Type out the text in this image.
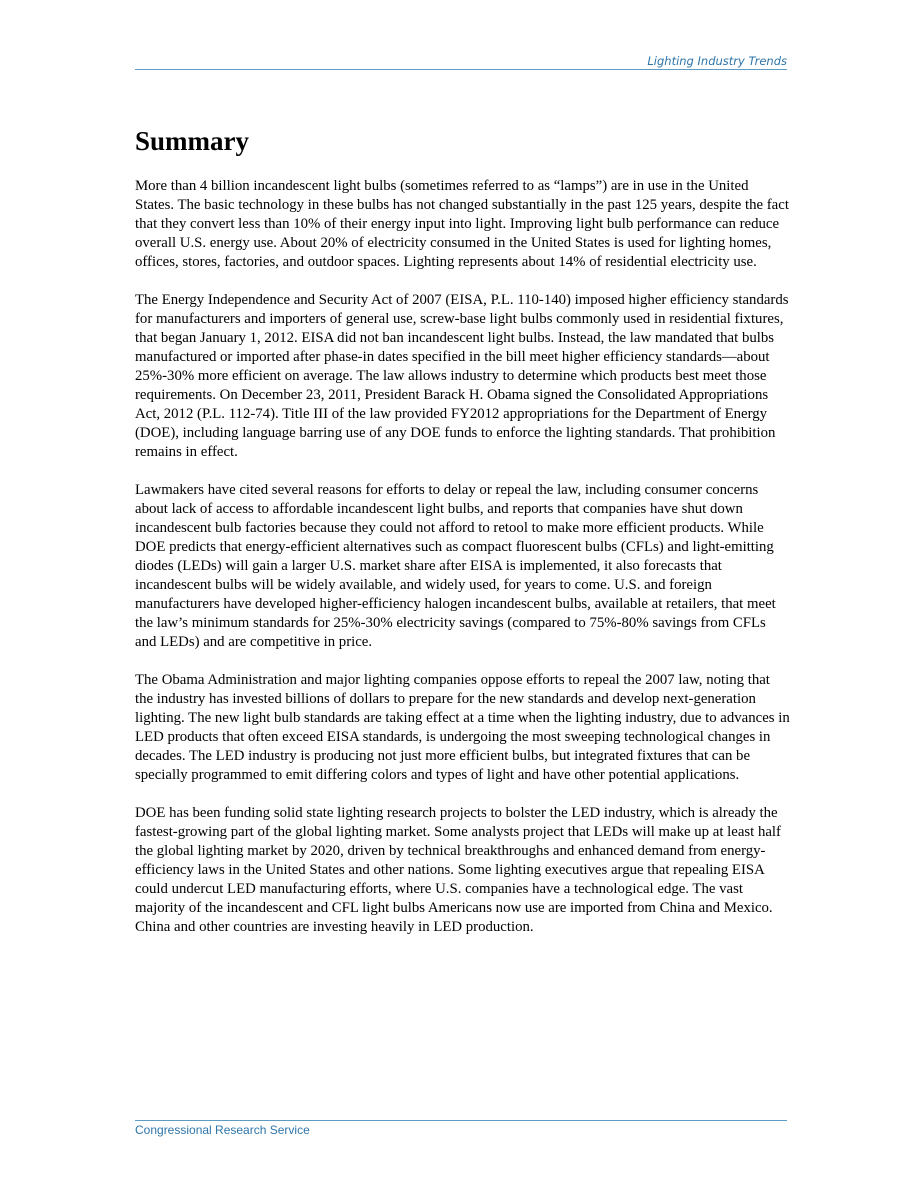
Lighting Industry Trends
Summary

More than 4 billion incandescent light bulbs (sometimes referred to as “lamps”) are in use in the United States. The basic technology in these bulbs has not changed substantially in the past 125 years, despite the fact that they convert less than 10% of their energy input into light. Improving light bulb performance can reduce overall U.S. energy use. About 20% of electricity consumed in the United States is used for lighting homes, offices, stores, factories, and outdoor spaces. Lighting represents about 14% of residential electricity use.

The Energy Independence and Security Act of 2007 (EISA, P.L. 110-140) imposed higher efficiency standards for manufacturers and importers of general use, screw-base light bulbs commonly used in residential fixtures, that began January 1, 2012. EISA did not ban incandescent light bulbs. Instead, the law mandated that bulbs manufactured or imported after phase-in dates specified in the bill meet higher efficiency standards—about 25%-30% more efficient on average. The law allows industry to determine which products best meet those requirements. On December 23, 2011, President Barack H. Obama signed the Consolidated Appropriations Act, 2012 (P.L. 112-74). Title III of the law provided FY2012 appropriations for the Department of Energy (DOE), including language barring use of any DOE funds to enforce the lighting standards. That prohibition remains in effect.

Lawmakers have cited several reasons for efforts to delay or repeal the law, including consumer concerns about lack of access to affordable incandescent light bulbs, and reports that companies have shut down incandescent bulb factories because they could not afford to retool to make more efficient products. While DOE predicts that energy-efficient alternatives such as compact fluorescent bulbs (CFLs) and light-emitting diodes (LEDs) will gain a larger U.S. market share after EISA is implemented, it also forecasts that incandescent bulbs will be widely available, and widely used, for years to come. U.S. and foreign manufacturers have developed higher-efficiency halogen incandescent bulbs, available at retailers, that meet the law’s minimum standards for 25%-30% electricity savings (compared to 75%-80% savings from CFLs and LEDs) and are competitive in price.

The Obama Administration and major lighting companies oppose efforts to repeal the 2007 law, noting that the industry has invested billions of dollars to prepare for the new standards and develop next-generation lighting. The new light bulb standards are taking effect at a time when the lighting industry, due to advances in LED products that often exceed EISA standards, is undergoing the most sweeping technological changes in decades. The LED industry is producing not just more efficient bulbs, but integrated fixtures that can be specially programmed to emit differing colors and types of light and have other potential applications.

DOE has been funding solid state lighting research projects to bolster the LED industry, which is already the fastest-growing part of the global lighting market. Some analysts project that LEDs will make up at least half the global lighting market by 2020, driven by technical breakthroughs and enhanced demand from energy-efficiency laws in the United States and other nations. Some lighting executives argue that repealing EISA could undercut LED manufacturing efforts, where U.S. companies have a technological edge. The vast majority of the incandescent and CFL light bulbs Americans now use are imported from China and Mexico. China and other countries are investing heavily in LED production.

Congressional Research Service
